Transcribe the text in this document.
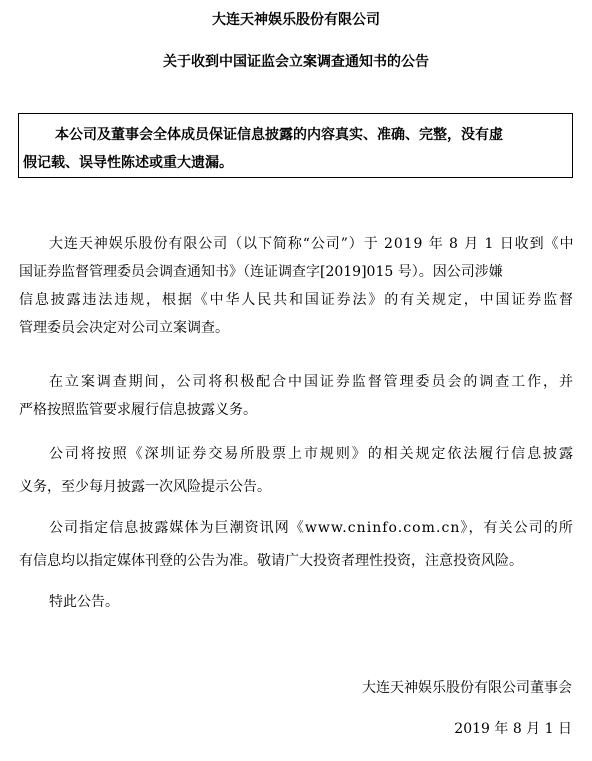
大连天神娱乐股份有限公司
关于收到中国证监会立案调查通知书的公告
本公司及董事会全体成员保证信息披露的内容真实、准确、完整，没有虚
假记载、误导性陈述或重大遗漏。
大连天神娱乐股份有限公司（以下简称“公司”）于 2019 年 8 月 1 日收到《中
国证券监督管理委员会调查通知书》（连证调查字[2019]015 号）。因公司涉嫌
信息披露违法违规，根据《中华人民共和国证券法》的有关规定，中国证券监督
管理委员会决定对公司立案调查。
在立案调查期间，公司将积极配合中国证券监督管理委员会的调查工作，并
严格按照监管要求履行信息披露义务。
公司将按照《深圳证券交易所股票上市规则》的相关规定依法履行信息披露
义务，至少每月披露一次风险提示公告。
公司指定信息披露媒体为巨潮资讯网《www.cninfo.com.cn》，有关公司的所
有信息均以指定媒体刊登的公告为准。敬请广大投资者理性投资，注意投资风险。
特此公告。
大连天神娱乐股份有限公司董事会
2019 年 8 月 1 日
